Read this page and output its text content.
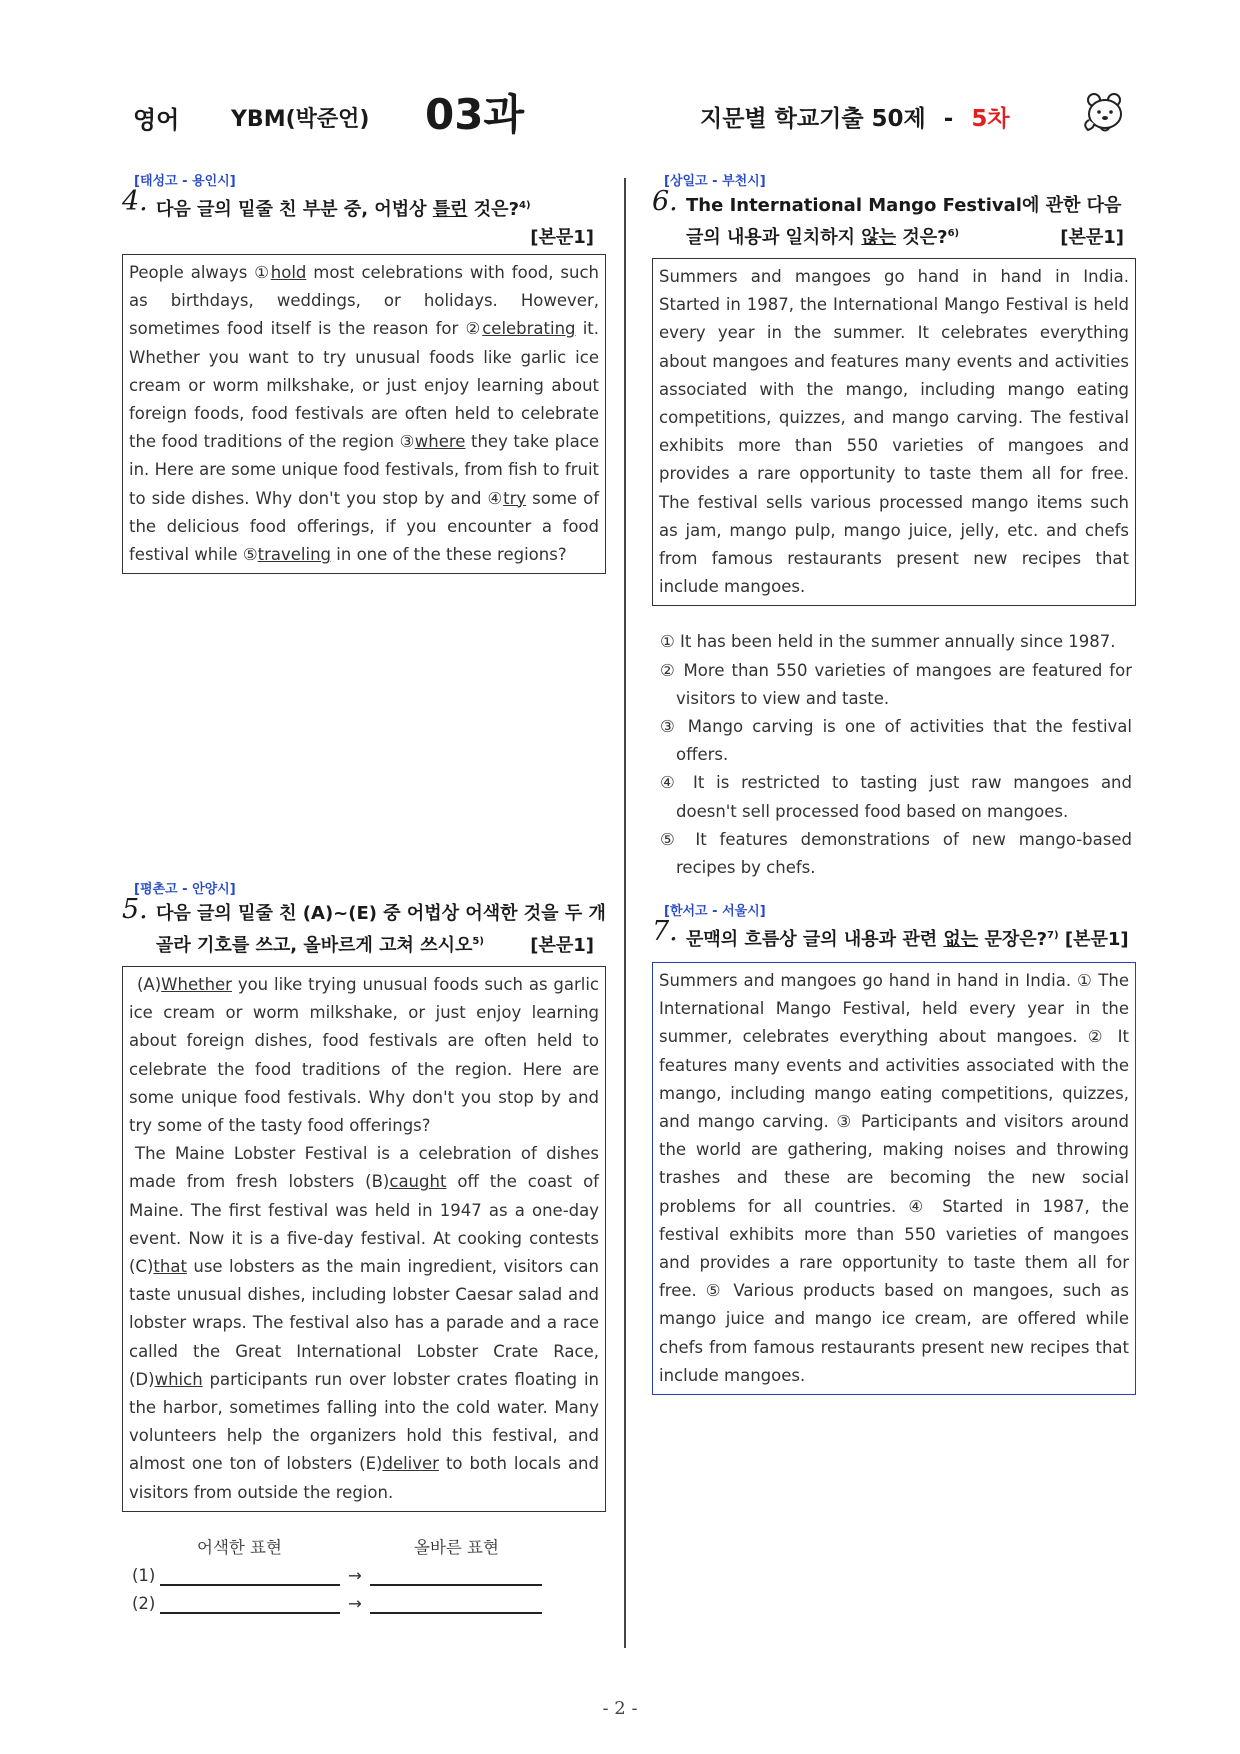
영어 YBM(박준언) 03과	지문별 학교기출 50제 - 5차
[태성고 - 용인시]
4. 다음 글의 밑줄 친 부분 중, 어법상 틀린 것은?$^{4)}$

[본문1]

People always ①hold most celebrations with food, such as birthdays, weddings, or holidays. However, sometimes food itself is the reason for ②celebrating it. Whether you want to try unusual foods like garlic ice cream or worm milkshake, or just enjoy learning about foreign foods, food festivals are often held to celebrate the food traditions of the region ③where they take place in. Here are some unique food festivals, from fish to fruit to side dishes. Why don't you stop by and ④try some of the delicious food offerings, if you encounter a food festival while ⑤traveling in one of the these regions?

[평촌고 - 안양시]
5. 다음 글의 밑줄 친 (A)~(E) 중 어법상 어색한 것을 두 개 골라 기호를 쓰고, 올바르게 고쳐 쓰시오$^{5)}$	[본문1]

(A)Whether you like trying unusual foods such as garlic ice cream or worm milkshake, or just enjoy learning about foreign dishes, food festivals are often held to celebrate the food traditions of the region. Here are some unique food festivals. Why don't you stop by and try some of the tasty food offerings?

The Maine Lobster Festival is a celebration of dishes made from fresh lobsters (B)caught off the coast of Maine. The first festival was held in 1947 as a one-day event. Now it is a five-day festival. At cooking contests (C)that use lobsters as the main ingredient, visitors can taste unusual dishes, including lobster Caesar salad and lobster wraps. The festival also has a parade and a race called the Great International Lobster Crate Race, (D)which participants run over lobster crates floating in the harbor, sometimes falling into the cold water. Many volunteers help the organizers hold this festival, and almost one ton of lobsters (E)deliver to both locals and visitors from outside the region.

어색한 표현	올바른 표현
(1)	→
(2)	→
[상일고 - 부천시]
6. The International Mango Festival에 관한 다음 글의 내용과 일치하지 않는 것은?$^{6)}$	[본문1]

Summers and mangoes go hand in hand in India. Started in 1987, the International Mango Festival is held every year in the summer. It celebrates everything about mangoes and features many events and activities associated with the mango, including mango eating competitions, quizzes, and mango carving. The festival exhibits more than 550 varieties of mangoes and provides a rare opportunity to taste them all for free. The festival sells various processed mango items such as jam, mango pulp, mango juice, jelly, etc. and chefs from famous restaurants present new recipes that include mangoes.

① It has been held in the summer annually since 1987.
② More than 550 varieties of mangoes are featured for visitors to view and taste.
③ Mango carving is one of activities that the festival offers.
④ It is restricted to tasting just raw mangoes and doesn't sell processed food based on mangoes.
⑤ It features demonstrations of new mango-based recipes by chefs.
[한서고 - 서울시]
7. 문맥의 흐름상 글의 내용과 관련 없는 문장은?$^{7)}$ [본문1]

Summers and mangoes go hand in hand in India. ① The International Mango Festival, held every year in the summer, celebrates everything about mangoes. ② It features many events and activities associated with the mango, including mango eating competitions, quizzes, and mango carving. ③ Participants and visitors around the world are gathering, making noises and throwing trashes and these are becoming the new social problems for all countries. ④ Started in 1987, the festival exhibits more than 550 varieties of mangoes and provides a rare opportunity to taste them all for free. ⑤ Various products based on mangoes, such as mango juice and mango ice cream, are offered while chefs from famous restaurants present new recipes that include mangoes.

- 2 -
